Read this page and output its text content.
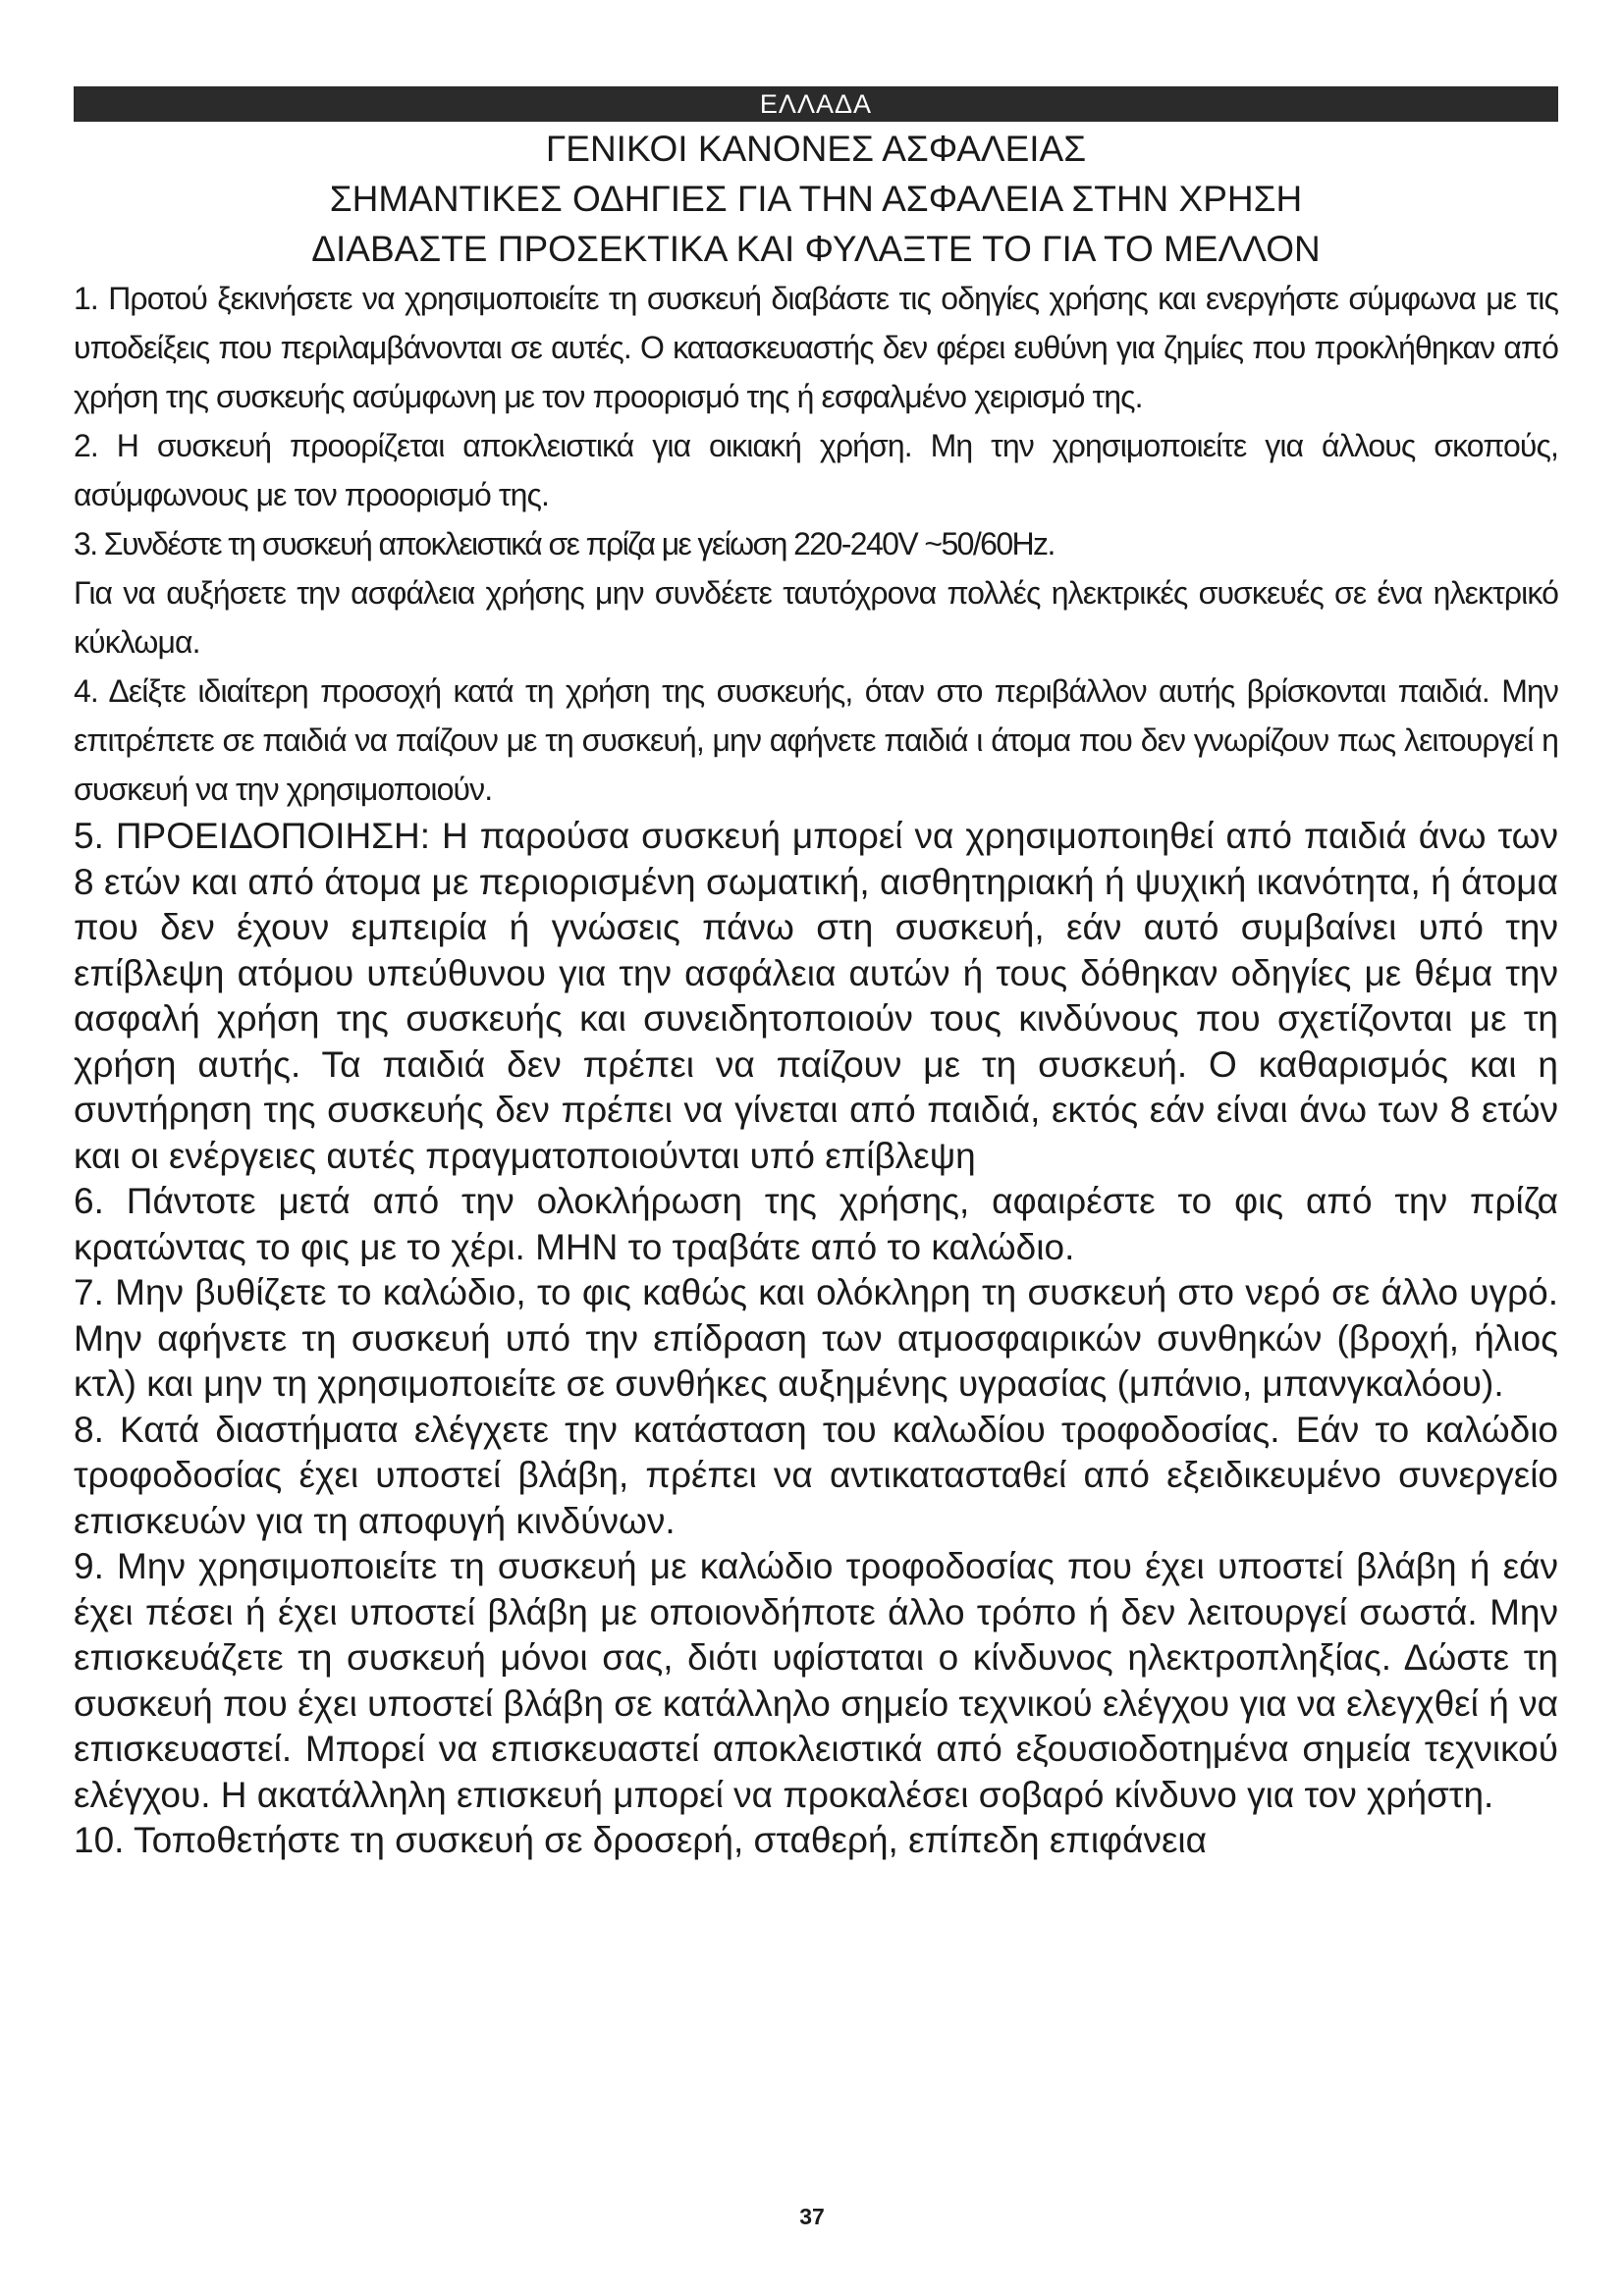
ΕΛΛΑΔΑ
ΓΕΝΙΚΟΙ ΚΑΝΟΝΕΣ ΑΣΦΑΛΕΙΑΣ
ΣΗΜΑΝΤΙΚΕΣ ΟΔΗΓΙΕΣ ΓΙΑ ΤΗΝ ΑΣΦΑΛΕΙΑ ΣΤΗΝ ΧΡΗΣΗ
ΔΙΑΒΑΣΤΕ ΠΡΟΣΕΚΤΙΚΑ ΚΑΙ ΦΥΛΑΞΤΕ ΤΟ ΓΙΑ ΤΟ ΜΕΛΛΟΝ

1. Προτού ξεκινήσετε να χρησιμοποιείτε τη συσκευή διαβάστε τις οδηγίες χρήσης και ενεργήστε σύμφωνα με τις υποδείξεις που περιλαμβάνονται σε αυτές. Ο κατασκευαστής δεν φέρει ευθύνη για ζημίες που προκλήθηκαν από χρήση της συσκευής ασύμφωνη με τον προορισμό της ή εσφαλμένο χειρισμό της.

2. Η συσκευή προορίζεται αποκλειστικά για οικιακή χρήση. Μη την χρησιμοποιείτε για άλλους σκοπούς, ασύμφωνους με τον προορισμό της.

3. Συνδέστε τη συσκευή αποκλειστικά σε πρίζα με γείωση 220-240V ~50/60Hz.

Για να αυξήσετε την ασφάλεια χρήσης μην συνδέετε ταυτόχρονα πολλές ηλεκτρικές συσκευές σε ένα ηλεκτρικό κύκλωμα.

4. Δείξτε ιδιαίτερη προσοχή κατά τη χρήση της συσκευής, όταν στο περιβάλλον αυτής βρίσκονται παιδιά. Μην επιτρέπετε σε παιδιά να παίζουν με τη συσκευή, μην αφήνετε παιδιά ι άτομα που δεν γνωρίζουν πως λειτουργεί η συσκευή να την χρησιμοποιούν.

5. ΠΡΟΕΙΔΟΠΟΙΗΣΗ: Η παρούσα συσκευή μπορεί να χρησιμοποιηθεί από παιδιά άνω των 8 ετών και από άτομα με περιορισμένη σωματική, αισθητηριακή ή ψυχική ικανότητα, ή άτομα που δεν έχουν εμπειρία ή γνώσεις πάνω στη συσκευή, εάν αυτό συμβαίνει υπό την επίβλεψη ατόμου υπεύθυνου για την ασφάλεια αυτών ή τους δόθηκαν οδηγίες με θέμα την ασφαλή χρήση της συσκευής και συνειδητοποιούν τους κινδύνους που σχετίζονται με τη χρήση αυτής. Τα παιδιά δεν πρέπει να παίζουν με τη συσκευή. Ο καθαρισμός και η συντήρηση της συσκευής δεν πρέπει να γίνεται από παιδιά, εκτός εάν είναι άνω των 8 ετών και οι ενέργειες αυτές πραγματοποιούνται υπό επίβλεψη

6. Πάντοτε μετά από την ολοκλήρωση της χρήσης, αφαιρέστε το φις από την πρίζα κρατώντας το φις με το χέρι. ΜΗΝ το τραβάτε από το καλώδιο.

7. Μην βυθίζετε το καλώδιο, το φις καθώς και ολόκληρη τη συσκευή στο νερό σε άλλο υγρό. Μην αφήνετε τη συσκευή υπό την επίδραση των ατμοσφαιρικών συνθηκών (βροχή, ήλιος κτλ) και μην τη χρησιμοποιείτε σε συνθήκες αυξημένης υγρασίας (μπάνιο, μπανγκαλόου).

8. Κατά διαστήματα ελέγχετε την κατάσταση του καλωδίου τροφοδοσίας. Εάν το καλώδιο τροφοδοσίας έχει υποστεί βλάβη, πρέπει να αντικατασταθεί από εξειδικευμένο συνεργείο επισκευών για τη αποφυγή κινδύνων.

9. Μην χρησιμοποιείτε τη συσκευή με καλώδιο τροφοδοσίας που έχει υποστεί βλάβη ή εάν έχει πέσει ή έχει υποστεί βλάβη με οποιονδήποτε άλλο τρόπο ή δεν λειτουργεί σωστά. Μην επισκευάζετε τη συσκευή μόνοι σας, διότι υφίσταται ο κίνδυνος ηλεκτροπληξίας. Δώστε τη συσκευή που έχει υποστεί βλάβη σε κατάλληλο σημείο τεχνικού ελέγχου για να ελεγχθεί ή να επισκευαστεί. Μπορεί να επισκευαστεί αποκλειστικά από εξουσιοδοτημένα σημεία τεχνικού ελέγχου. Η ακατάλληλη επισκευή μπορεί να προκαλέσει σοβαρό κίνδυνο για τον χρήστη.

10. Τοποθετήστε τη συσκευή σε δροσερή, σταθερή, επίπεδη επιφάνεια

37
